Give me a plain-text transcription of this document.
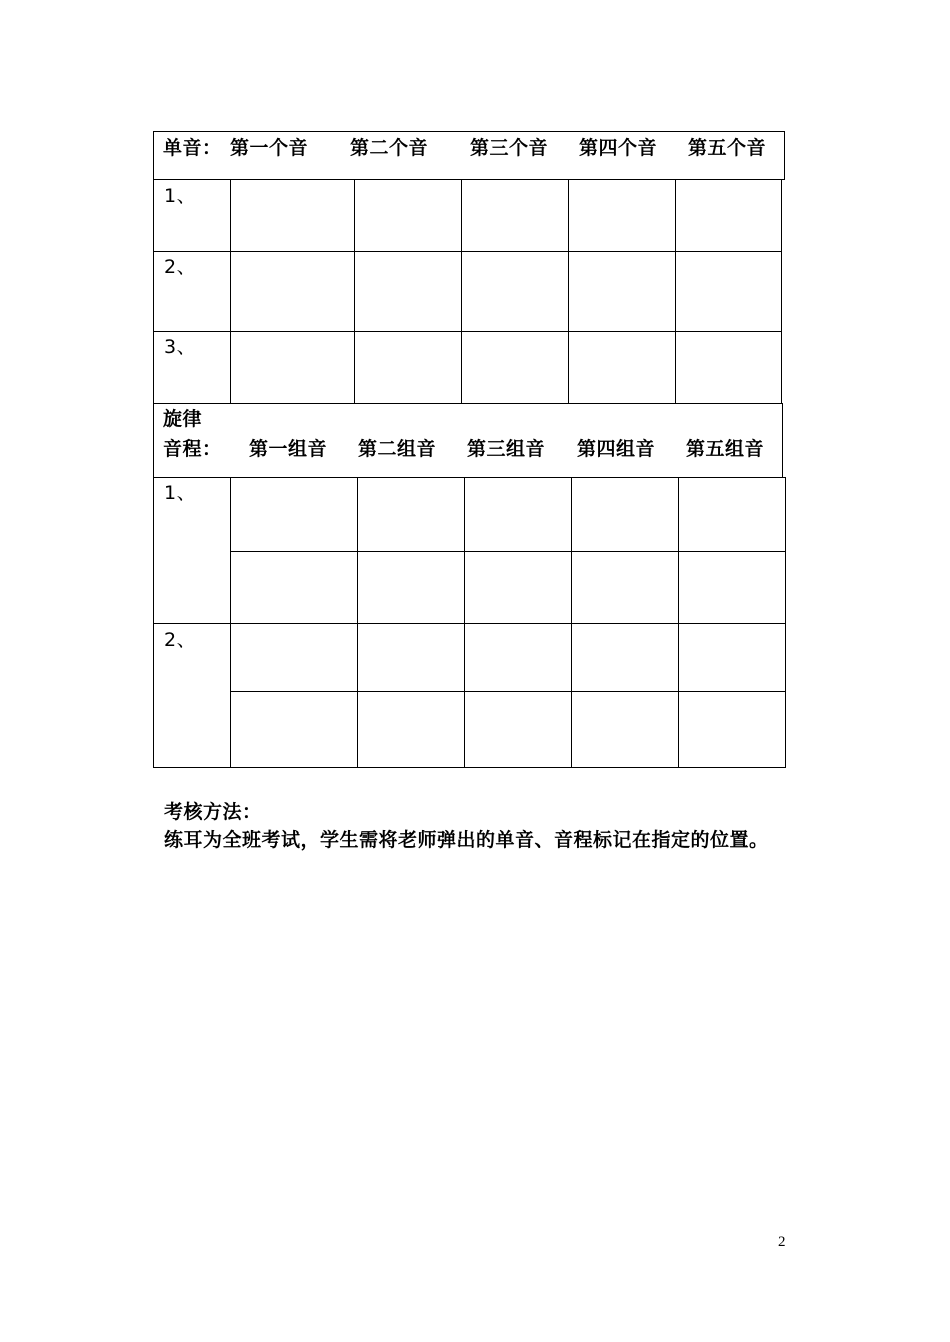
单音： 第一个音 第二个音 第三个音 第四个音 第五个音
1、
2、
3、
旋律
音程： 第一组音 第二组音 第三组音 第四组音 第五组音
1、
2、
考核方法：
练耳为全班考试，学生需将老师弹出的单音、音程标记在指定的位置。
2
